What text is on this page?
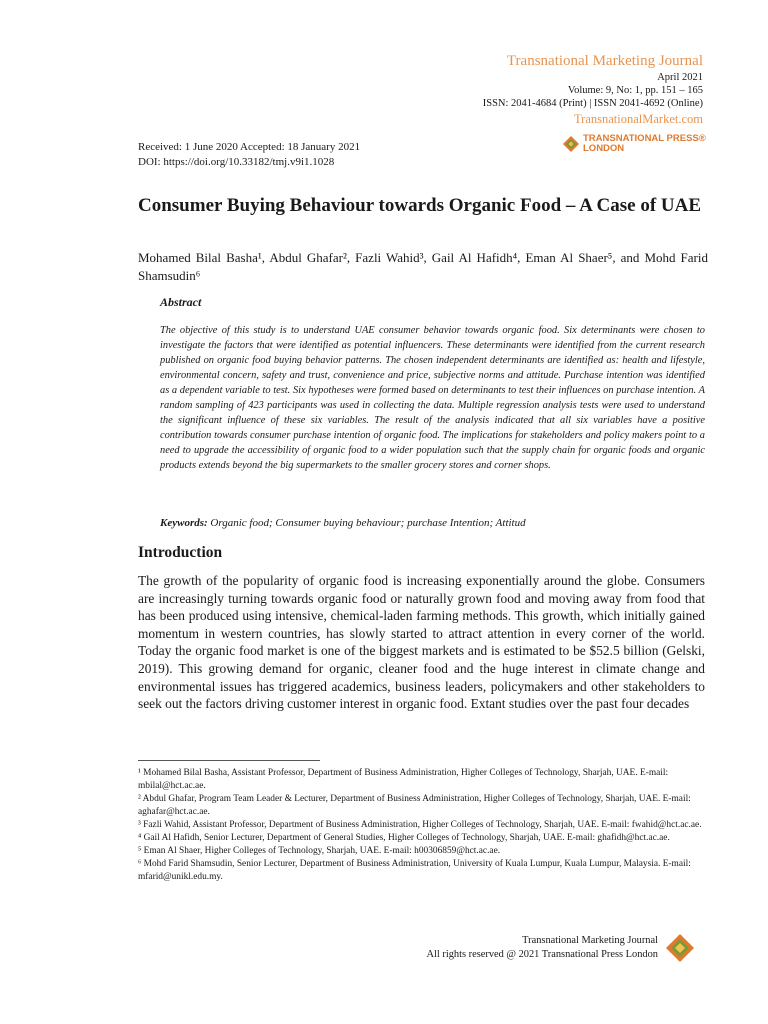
Transnational Marketing Journal
April 2021
Volume: 9, No: 1, pp. 151 – 165
ISSN: 2041-4684 (Print) | ISSN 2041-4692 (Online)
TransnationalMarket.com
Received: 1 June 2020 Accepted: 18 January 2021
DOI: https://doi.org/10.33182/tmj.v9i1.1028
TRANSNATIONAL PRESS®
LONDON
Consumer Buying Behaviour towards Organic Food – A Case of UAE
Mohamed Bilal Basha¹, Abdul Ghafar², Fazli Wahid³, Gail Al Hafidh⁴, Eman Al Shaer⁵, and Mohd Farid Shamsudin⁶
Abstract
The objective of this study is to understand UAE consumer behavior towards organic food. Six determinants were chosen to investigate the factors that were identified as potential influencers. These determinants were identified from the current research published on organic food buying behavior patterns. The chosen independent determinants are identified as: health and lifestyle, environmental concern, safety and trust, convenience and price, subjective norms and attitude. Purchase intention was identified as a dependent variable to test. Six hypotheses were formed based on determinants to test their influences on purchase intention. A random sampling of 423 participants was used in collecting the data. Multiple regression analysis tests were used to understand the significant influence of these six variables. The result of the analysis indicated that all six variables have a positive contribution towards consumer purchase intention of organic food. The implications for stakeholders and policy makers point to a need to upgrade the accessibility of organic food to a wider population such that the supply chain for organic foods and organic products extends beyond the big supermarkets to the smaller grocery stores and corner shops.
Keywords: Organic food; Consumer buying behaviour; purchase Intention; Attitud
Introduction
The growth of the popularity of organic food is increasing exponentially around the globe. Consumers are increasingly turning towards organic food or naturally grown food and moving away from food that has been produced using intensive, chemical-laden farming methods. This growth, which initially gained momentum in western countries, has slowly started to attract attention in every corner of the world. Today the organic food market is one of the biggest markets and is estimated to be $52.5 billion (Gelski, 2019). This growing demand for organic, cleaner food and the huge interest in climate change and environmental issues has triggered academics, business leaders, policymakers and other stakeholders to seek out the factors driving customer interest in organic food. Extant studies over the past four decades

¹ Mohamed Bilal Basha, Assistant Professor, Department of Business Administration, Higher Colleges of Technology, Sharjah, UAE. E-mail: mbilal@hct.ac.ae.

² Abdul Ghafar, Program Team Leader & Lecturer, Department of Business Administration, Higher Colleges of Technology, Sharjah, UAE. E-mail: aghafar@hct.ac.ae.

³ Fazli Wahid, Assistant Professor, Department of Business Administration, Higher Colleges of Technology, Sharjah, UAE. E-mail: fwahid@hct.ac.ae.

⁴ Gail Al Hafidh, Senior Lecturer, Department of General Studies, Higher Colleges of Technology, Sharjah, UAE. E-mail: ghafidh@hct.ac.ae.

⁵ Eman Al Shaer, Higher Colleges of Technology, Sharjah, UAE. E-mail: h00306859@hct.ac.ae.

⁶ Mohd Farid Shamsudin, Senior Lecturer, Department of Business Administration, University of Kuala Lumpur, Kuala Lumpur, Malaysia. E-mail: mfarid@unikl.edu.my.

Transnational Marketing Journal
All rights reserved @ 2021 Transnational Press London
